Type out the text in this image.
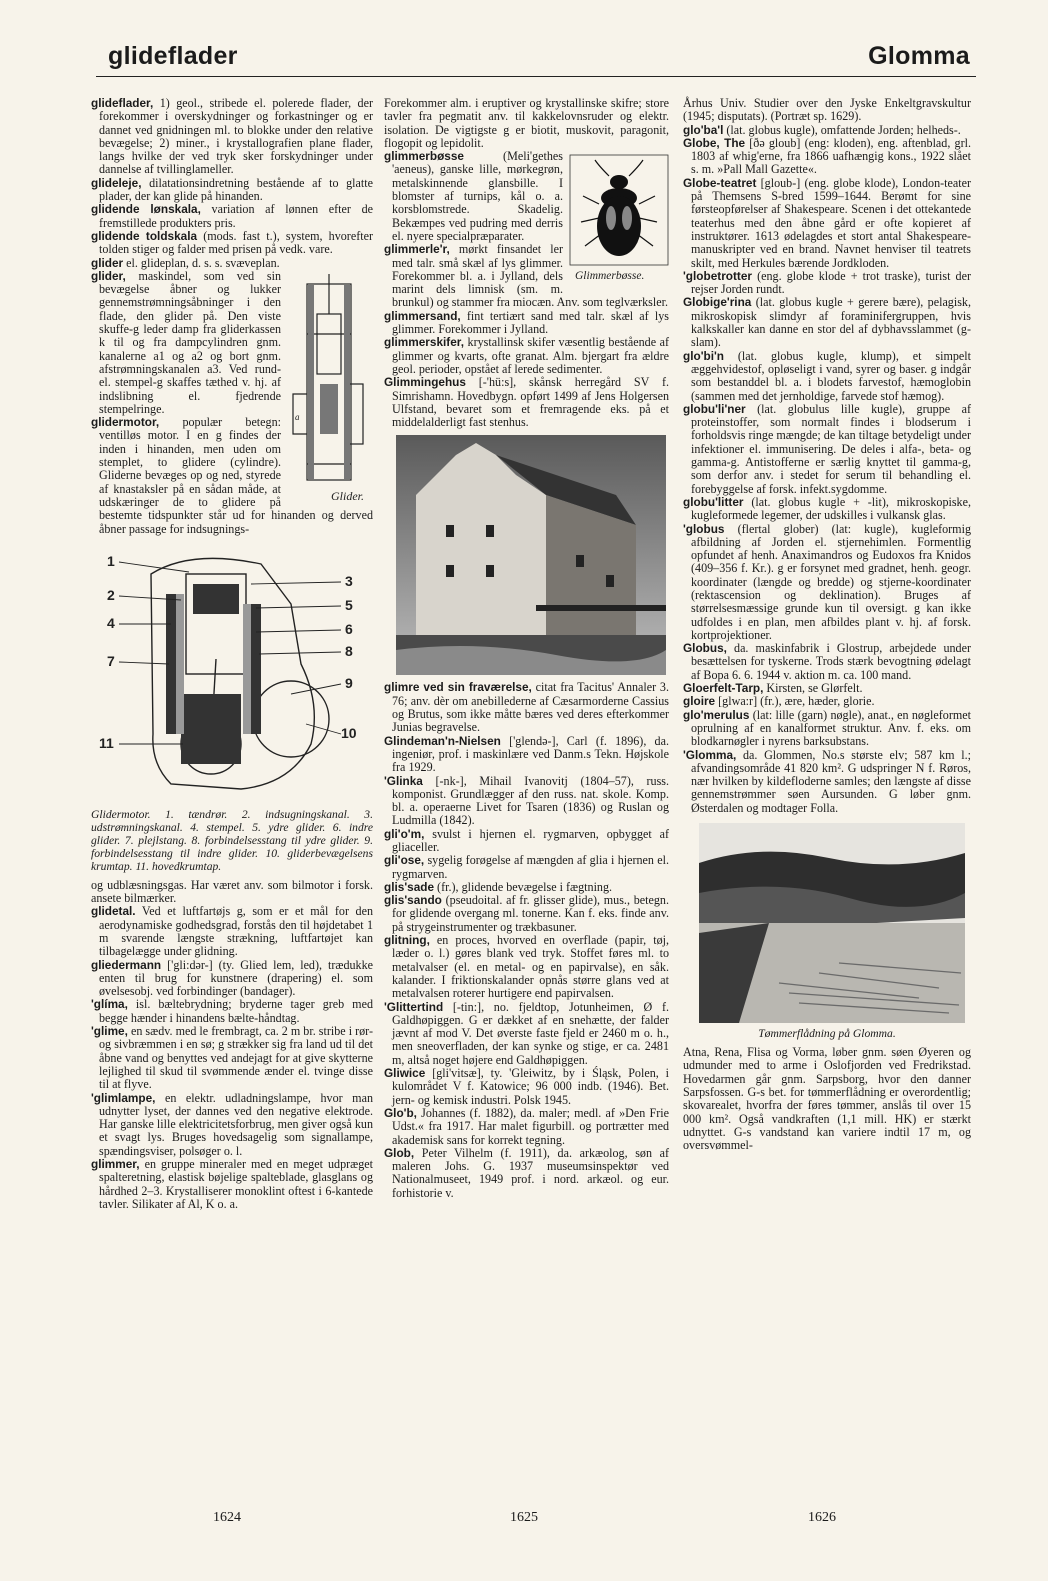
glideflader	Glomma

glideflader, 1) geol., stribede el. polerede flader, der forekommer i overskydninger og forkastninger og er dannet ved gnidningen ml. to blokke under den relative bevægelse; 2) miner., i krystallografien plane flader, langs hvilke der ved tryk sker forskydninger under dannelse af tvillinglameller.

glideleje, dilatationsindretning bestående af to glatte plader, der kan glide på hinanden.

glidende lønskala, variation af lønnen efter de fremstillede produkters pris.

glidende toldskala (mods. fast t.), system, hvorefter tolden stiger og falder med prisen på vedk. vare.

glider el. glideplan, d. s. s. svæveplan.

a
Glider.

glider, maskindel, som ved sin bevægelse åbner og lukker gennemstrømningsåbninger i den flade, den glider på. Den viste skuffe-g leder damp fra gliderkassen k til og fra dampcylindren gnm. kanalerne a1 og a2 og bort gnm. afstrømningskanalen a3. Ved rund- el. stempel-g skaffes tæthed v. hj. af indslibning el. fjedrende stempelringe.

glidermotor, populær betegn: ventilløs motor. I en g findes der inden i hinanden, men uden om stemplet, to glidere (cylindre). Gliderne bevæges op og ned, styrede af knastaksler på en sådan måde, at udskæringer de to glidere på bestemte tidspunkter står ud for hinanden og derved åbner passage for indsugnings-

1
2
4
7
11
3
5
6
8
9
10

Glidermotor. 1. tændrør. 2. indsugningskanal. 3. udstrømningskanal. 4. stempel. 5. ydre glider. 6. indre glider. 7. plejlstang. 8. forbindelsesstang til ydre glider. 9. forbindelsesstang til indre glider. 10. gliderbevægelsens krumtap. 11. hovedkrumtap.

og udblæsningsgas. Har været anv. som bilmotor i forsk. ansete bilmærker.

glidetal. Ved et luftfartøjs g, som er et mål for den aerodynamiske godhedsgrad, forstås den til højdetabet 1 m svarende længste strækning, luftfartøjet kan tilbagelægge under glidning.

gliedermann ['gli:dər-] (ty. Glied lem, led), trædukke enten til brug for kunstnere (drapering) el. som øvelsesobj. ved forbindinger (bandager).

'glíma, isl. bæltebrydning; bryderne tager greb med begge hænder i hinandens bælte-håndtag.

'glime, en sædv. med le frembragt, ca. 2 m br. stribe i rør- og sivbræmmen i en sø; g strækker sig fra land ud til det åbne vand og benyttes ved andejagt for at give skytterne lejlighed til skud til svømmende ænder el. tvinge disse til at flyve.

'glimlampe, en elektr. udladningslampe, hvor man udnytter lyset, der dannes ved den negative elektrode. Har ganske lille elektricitetsforbrug, men giver også kun et svagt lys. Bruges hovedsagelig som signallampe, spændingsviser, polsøger o. l.

glimmer, en gruppe mineraler med en meget udpræget spalteretning, elastisk bøjelige spalteblade, glasglans og hårdhed 2–3. Krystalliserer monoklint oftest i 6-kantede tavler. Silikater af Al, K o. a.

Forekommer alm. i eruptiver og krystallinske skifre; store tavler fra pegmatit anv. til kakkelovnsruder og elektr. isolation. De vigtigste g er biotit, muskovit, paragonit, flogopit og lepidolit.

Glimmerbøsse.

glimmerbøsse (Meli'gethes 'aeneus), ganske lille, mørkegrøn, metalskinnende glansbille. I blomster af turnips, kål o. a. korsblomstrede. Skadelig. Bekæmpes ved pudring med derris el. nyere specialpræparater.

glimmerle'r, mørkt finsandet ler med talr. små skæl af lys glimmer. Forekommer bl. a. i Jylland, dels marint dels limnisk (sm. m. brunkul) og stammer fra miocæn. Anv. som teglværksler.

glimmersand, fint tertiært sand med talr. skæl af lys glimmer. Forekommer i Jylland.

glimmerskifer, krystallinsk skifer væsentlig bestående af glimmer og kvarts, ofte granat. Alm. bjergart fra ældre geol. perioder, opstået af lerede sedimenter.

Glimmingehus [-'hü:s], skånsk herregård SV f. Simrishamn. Hovedbygn. opført 1499 af Jens Holgersen Ulfstand, bevaret som et fremragende eks. på et middelalderligt fast stenhus.

glimre ved sin fraværelse, citat fra Tacitus' Annaler 3. 76; anv. dèr om anebillederne af Cæsarmorderne Cassius og Brutus, som ikke måtte bæres ved deres efterkommer Junias begravelse.

Glindeman'n-Nielsen ['glendə-], Carl (f. 1896), da. ingeniør, prof. i maskinlære ved Danm.s Tekn. Højskole fra 1929.

'Glinka [-nk-], Mihail Ivanovitj (1804–57), russ. komponist. Grundlægger af den russ. nat. skole. Komp. bl. a. operaerne Livet for Tsaren (1836) og Ruslan og Ludmilla (1842).

gli'o'm, svulst i hjernen el. rygmarven, opbygget af gliaceller.

gli'ose, sygelig forøgelse af mængden af glia i hjernen el. rygmarven.

glis'sade (fr.), glidende bevægelse i fægtning.

glis'sando (pseudoital. af fr. glisser glide), mus., betegn. for glidende overgang ml. tonerne. Kan f. eks. finde anv. på strygeinstrumenter og trækbasuner.

glitning, en proces, hvorved en overflade (papir, tøj, læder o. l.) gøres blank ved tryk. Stoffet føres ml. to metalvalser (el. en metal- og en papirvalse), en såk. kalander. I friktionskalander opnås større glans ved at metalvalsen roterer hurtigere end papirvalsen.

'Glittertind [-tin:], no. fjeldtop, Jotunheimen, Ø f. Galdhøpiggen. G er dækket af en snehætte, der falder jævnt af mod V. Det øverste faste fjeld er 2460 m o. h., men sneoverfladen, der kan synke og stige, er ca. 2481 m, altså noget højere end Galdhøpiggen.

Gliwice [gli'vitsæ], ty. 'Gleiwitz, by i Śląsk, Polen, i kulområdet V f. Katowice; 96 000 indb. (1946). Bet. jern- og kemisk industri. Polsk 1945.

Glo'b, Johannes (f. 1882), da. maler; medl. af »Den Frie Udst.« fra 1917. Har malet figurbill. og portrætter med akademisk sans for korrekt tegning.

Glob, Peter Vilhelm (f. 1911), da. arkæolog, søn af maleren Johs. G. 1937 museumsinspektør ved Nationalmuseet, 1949 prof. i nord. arkæol. og eur. forhistorie v.

Århus Univ. Studier over den Jyske Enkeltgravskultur (1945; disputats). (Portræt sp. 1629).

glo'ba'l (lat. globus kugle), omfattende Jorden; helheds-.

Globe, The [ðə gloub] (eng: kloden), eng. aftenblad, grl. 1803 af whig'erne, fra 1866 uafhængig kons., 1922 slået s. m. »Pall Mall Gazette«.

Globe-teatret [gloub-] (eng. globe klode), London-teater på Themsens S-bred 1599–1644. Berømt for sine førsteopførelser af Shakespeare. Scenen i det ottekantede teaterhus med den åbne gård er ofte kopieret af instruktører. 1613 ødelagdes et stort antal Shakespeare-manuskripter ved en brand. Navnet henviser til teatrets skilt, med Herkules bærende Jordkloden.

'globetrotter (eng. globe klode + trot traske), turist der rejser Jorden rundt.

Globige'rina (lat. globus kugle + gerere bære), pelagisk, mikroskopisk slimdyr af foraminifergruppen, hvis kalkskaller kan danne en stor del af dybhavsslammet (g-slam).

glo'bi'n (lat. globus kugle, klump), et simpelt æggehvidestof, opløseligt i vand, syrer og baser. g indgår som bestanddel bl. a. i blodets farvestof, hæmoglobin (sammen med det jernholdige, farvede stof hæmog).

globu'li'ner (lat. globulus lille kugle), gruppe af proteinstoffer, som normalt findes i blodserum i forholdsvis ringe mængde; de kan tiltage betydeligt under infektioner el. immunisering. De deles i alfa-, beta- og gamma-g. Antistofferne er særlig knyttet til gamma-g, som derfor anv. i stedet for serum til behandling el. forebyggelse af forsk. infekt.sygdomme.

globu'litter (lat. globus kugle + -lit), mikroskopiske, kugleformede legemer, der udskilles i vulkansk glas.

'globus (flertal glober) (lat: kugle), kugleformig afbildning af Jorden el. stjernehimlen. Formentlig opfundet af henh. Anaximandros og Eudoxos fra Knidos (409–356 f. Kr.). g er forsynet med gradnet, henh. geogr. koordinater (længde og bredde) og stjerne-koordinater (rektascension og deklination). Bruges af størrelsesmæssige grunde kun til oversigt. g kan ikke udfoldes i en plan, men afbildes plant v. hj. af forsk. kortprojektioner.

Globus, da. maskinfabrik i Glostrup, arbejdede under besættelsen for tyskerne. Trods stærk bevogtning ødelagt af Bopa 6. 6. 1944 v. aktion m. ca. 100 mand.

Gloerfelt-Tarp, Kirsten, se Glørfelt.

gloire [glwa:r] (fr.), ære, hæder, glorie.

glo'merulus (lat: lille (garn) nøgle), anat., en nøgleformet oprulning af en kanalformet struktur. Anv. f. eks. om blodkarnøgler i nyrens barksubstans.

'Glomma, da. Glommen, No.s største elv; 587 km l.; afvandingsområde 41 820 km². G udspringer N f. Røros, nær hvilken by kildefloderne samles; den længste af disse gennemstrømmer søen Aursunden. G løber gnm. Østerdalen og modtager Folla.

Tømmerflådning på Glomma.

Atna, Rena, Flisa og Vorma, løber gnm. søen Øyeren og udmunder med to arme i Oslofjorden ved Fredrikstad. Hovedarmen går gnm. Sarpsborg, hvor den danner Sarpsfossen. G-s bet. for tømmerflådning er overordentlig; skovarealet, hvorfra der føres tømmer, anslås til over 15 000 km². Også vandkraften (1,1 mill. HK) er stærkt udnyttet. G-s vandstand kan variere indtil 17 m, og oversvømmel-

1624	1625	1626
